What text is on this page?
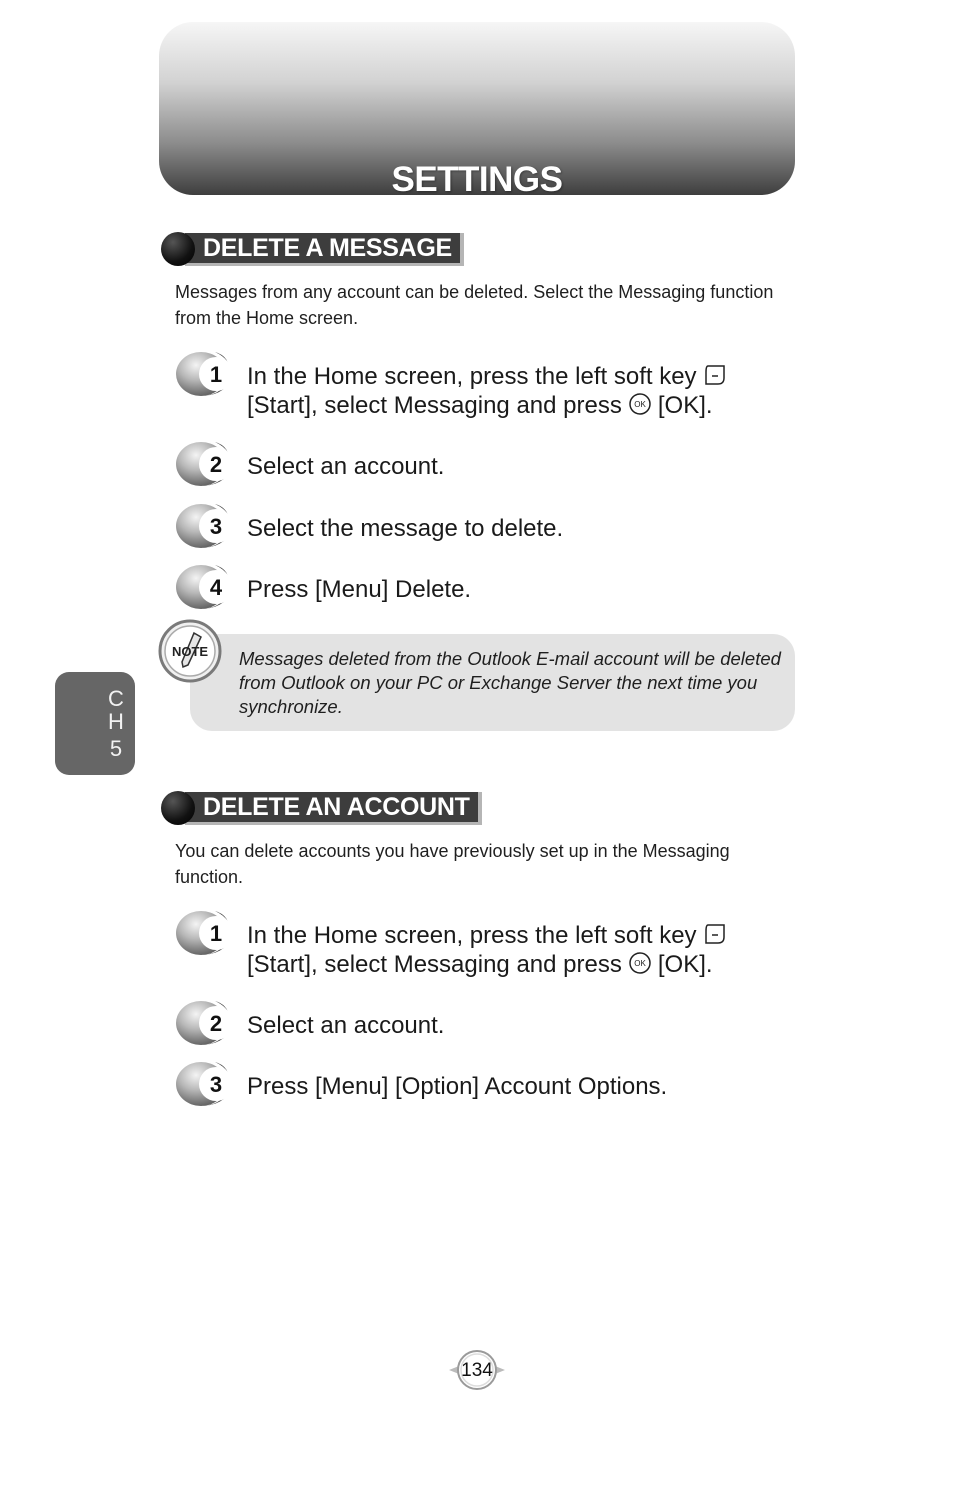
SETTINGS
DELETE A MESSAGE
Messages from any account can be deleted. Select the Messaging function from the Home screen.
1 In the Home screen, press the left soft key
[Start], select Messaging and press OK [OK].
2 Select an account.
3 Select the message to delete.
4 Press [Menu] Delete.
Messages deleted from the Outlook E-mail account will be deleted from Outlook on your PC or Exchange Server the next time you synchronize.
NOTE
C
H
5
DELETE AN ACCOUNT
You can delete accounts you have previously set up in the Messaging function.
1 In the Home screen, press the left soft key
[Start], select Messaging and press OK [OK].
2 Select an account.
3 Press [Menu] [Option] Account Options.
134
